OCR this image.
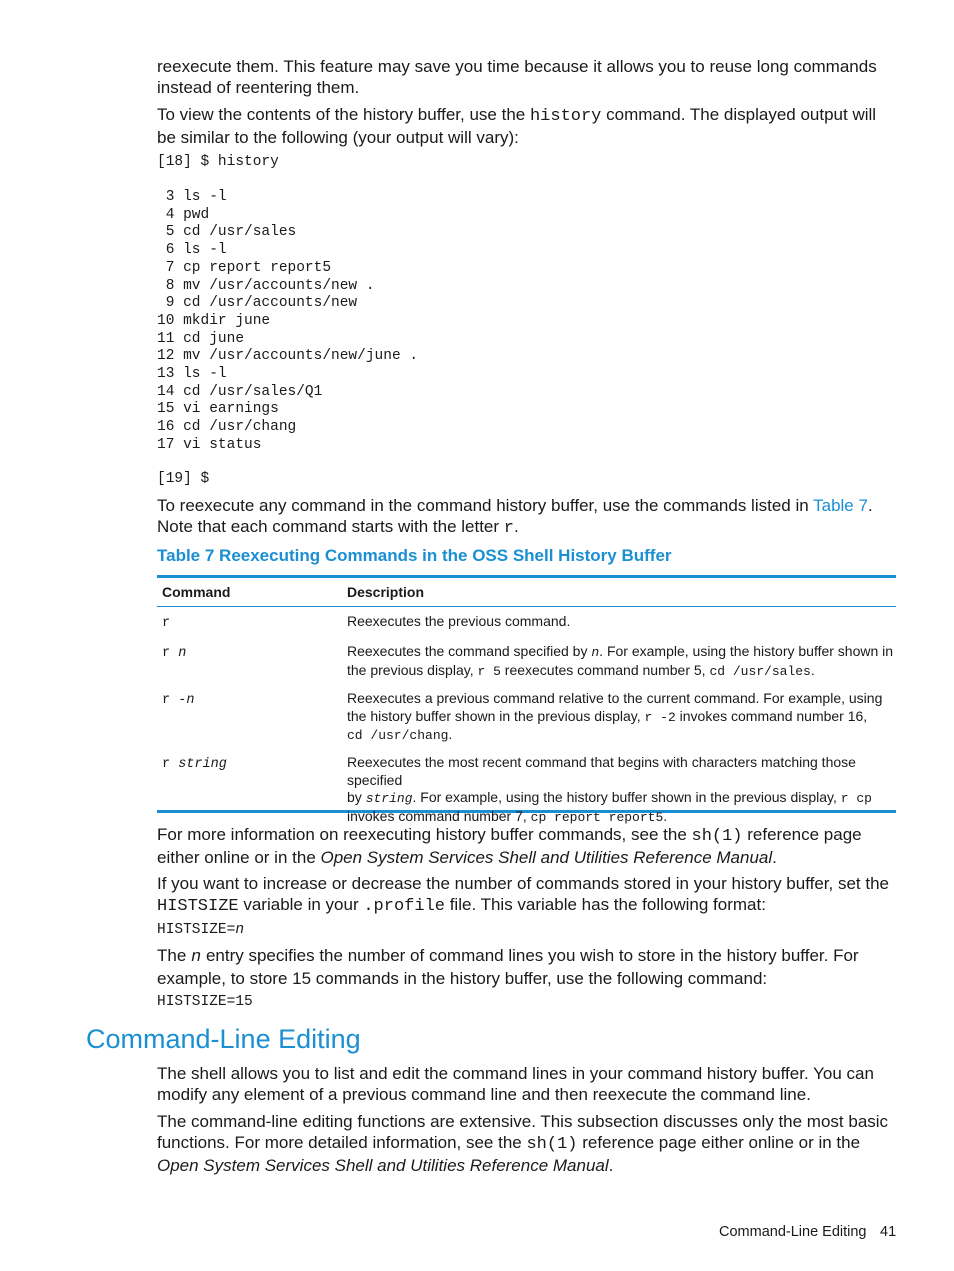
reexecute them. This feature may save you time because it allows you to reuse long commands
instead of reentering them.
To view the contents of the history buffer, use the history command. The displayed output will
be similar to the following (your output will vary):
[18] $ history
3 ls -l
4 pwd
5 cd /usr/sales
6 ls -l
7 cp report report5
8 mv /usr/accounts/new .
9 cd /usr/accounts/new
10 mkdir june
11 cd june
12 mv /usr/accounts/new/june .
13 ls -l
14 cd /usr/sales/Q1
15 vi earnings
16 cd /usr/chang
17 vi status
[19] $
To reexecute any command in the command history buffer, use the commands listed in Table 7.
Note that each command starts with the letter r.
Table 7 Reexecuting Commands in the OSS Shell History Buffer
Command	Description
r	Reexecutes the previous command.
r n	Reexecutes the command specified by n. For example, using the history buffer shown in
the previous display, r 5 reexecutes command number 5, cd /usr/sales.
r -n	Reexecutes a previous command relative to the current command. For example, using
the history buffer shown in the previous display, r -2 invokes command number 16,
cd /usr/chang.
r string	Reexecutes the most recent command that begins with characters matching those specified
by string. For example, using the history buffer shown in the previous display, r cp
invokes command number 7, cp report report5.
For more information on reexecuting history buffer commands, see the sh(1) reference page
either online or in the Open System Services Shell and Utilities Reference Manual.
If you want to increase or decrease the number of commands stored in your history buffer, set the
HISTSIZE variable in your .profile file. This variable has the following format:
HISTSIZE=n
The n entry specifies the number of command lines you wish to store in the history buffer. For
example, to store 15 commands in the history buffer, use the following command:
HISTSIZE=15
Command-Line Editing
The shell allows you to list and edit the command lines in your command history buffer. You can
modify any element of a previous command line and then reexecute the command line.
The command-line editing functions are extensive. This subsection discusses only the most basic
functions. For more detailed information, see the sh(1) reference page either online or in the
Open System Services Shell and Utilities Reference Manual.
Command-Line Editing 41
